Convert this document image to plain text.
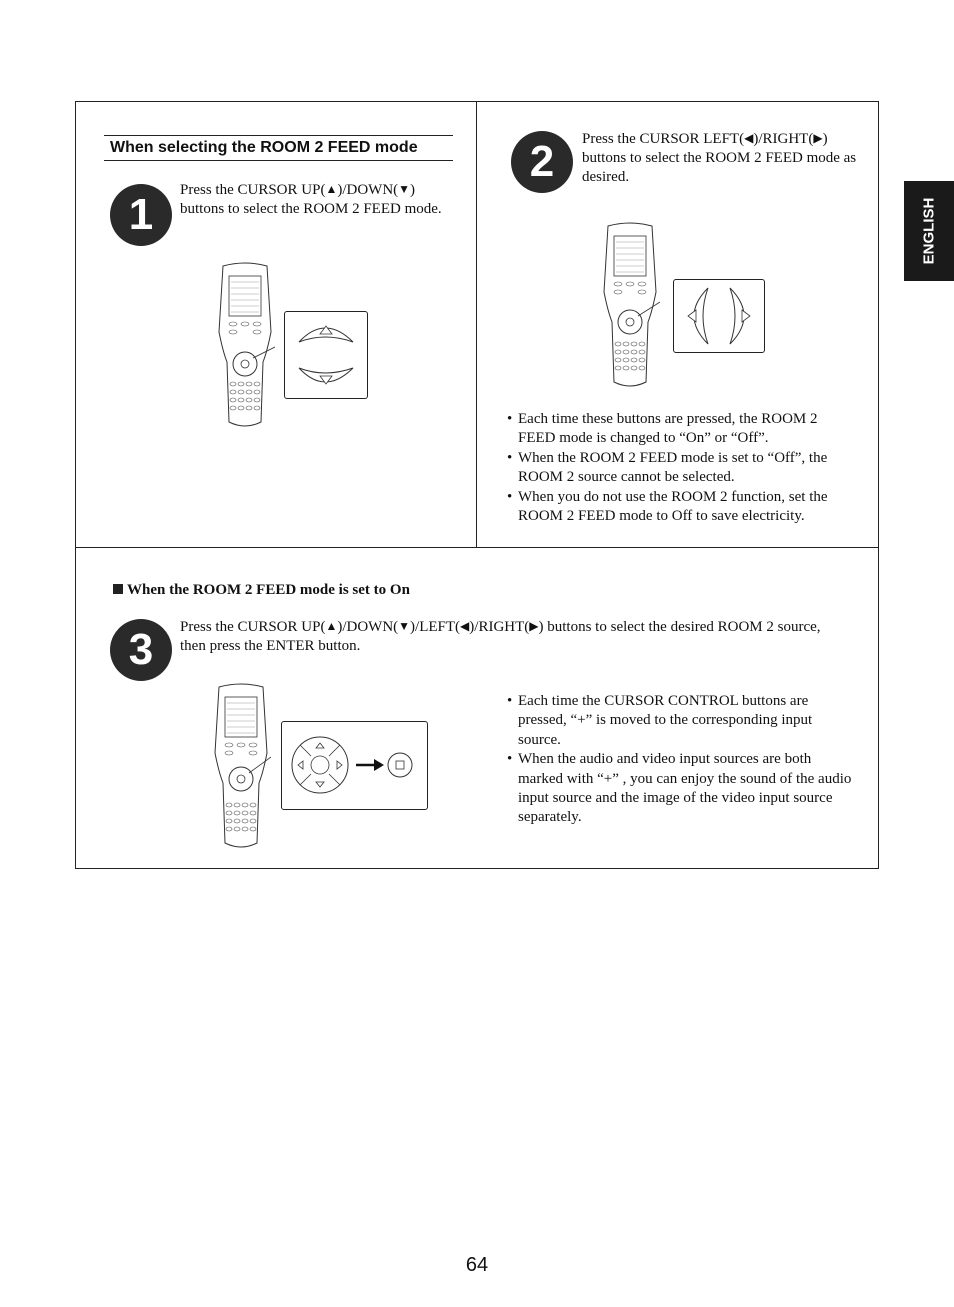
ENGLISH
When selecting the ROOM 2 FEED mode
1	Press the CURSOR UP(▲)/DOWN(▼) buttons to select the ROOM 2 FEED mode.
2	Press the CURSOR LEFT(◀)/RIGHT(▶) buttons to select the ROOM 2 FEED mode as desired.
• Each time these buttons are pressed, the ROOM 2 FEED mode is changed to “On” or “Off”.
• When the ROOM 2 FEED mode is set to “Off”, the ROOM 2 source cannot be selected.
• When you do not use the ROOM 2 function, set the ROOM 2 FEED mode to Off to save electricity.
When the ROOM 2 FEED mode is set to On
3	Press the CURSOR UP(▲)/DOWN(▼)/LEFT(◀)/RIGHT(▶) buttons to select the desired ROOM 2 source, then press the ENTER button.
• Each time the CURSOR CONTROL buttons are pressed, “+” is moved to the corresponding input source.
• When the audio and video input sources are both marked with “+” , you can enjoy the sound of the audio input source and the image of the video input source separately.
64
